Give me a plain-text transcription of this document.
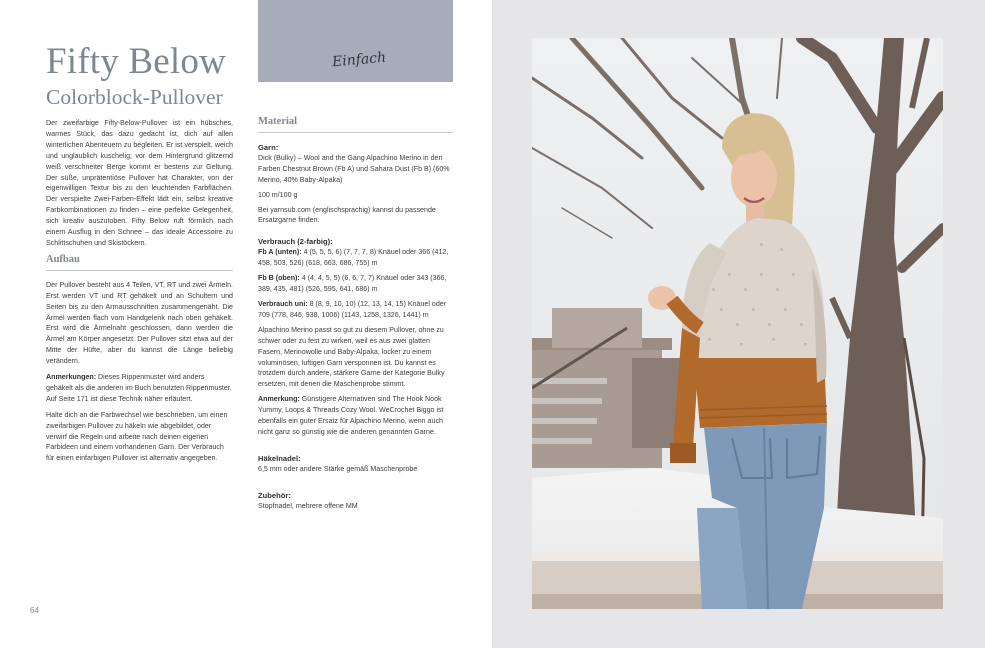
Fifty Below
Colorblock-Pullover
Einfach

Der zweifarbige Fifty-Below-Pullover ist ein hübsches, warmes Stück, das dazu gedacht ist, dich auf allen winterlichen Abenteuern zu begleiten. Er ist verspielt, weich und unglaublich kuschelig; vor dem Hintergrund glitzernd weiß verschneiter Berge kommt er bestens zur Geltung. Der süße, unprätentiöse Pullover hat Charakter, von der eigenwilligen Textur bis zu den leuchtenden Farbflächen. Der verspielte Zwei-Farben-Effekt lädt ein, selbst kreative Farbkombinationen zu finden – eine perfekte Gelegenheit, sich kreativ auszutoben. Fifty Below ruft förmlich nach einem Ausflug in den Schnee – das ideale Accessoire zu Schlittschuhen und Skistöckern.

Aufbau

Der Pullover besteht aus 4 Teilen, VT, RT und zwei Ärmeln. Erst werden VT und RT gehäkelt und an Schultern und Seiten bis zu den Armausschnitten zusammengenäht. Die Ärmel werden flach vom Handgelenk nach oben gehäkelt. Erst wird die Ärmelnaht geschlossen, dann werden die Ärmel am Körper angesetzt. Der Pullover sitzt etwa auf der Mitte der Hüfte, aber du kannst die Länge beliebig verändern.

Anmerkungen: Dieses Rippenmuster wird anders gehäkelt als die anderen im Buch benutzten Rippenmuster. Auf Seite 171 ist diese Technik näher erläutert.

Halte dich an die Farbwechsel wie beschrieben, um einen zweifarbigen Pullover zu häkeln wie abgebildet, oder verwirf die Regeln und arbeite nach deinen eigenen Farbideen und einem vorhandenen Garn. Der Verbrauch für einen einfarbigen Pullover ist alternativ angegeben.

Material
Garn:

Dick (Bulky) – Wool and the Gang Alpachino Merino in den Farben Chestnut Brown (Fb A) und Sahara Dust (Fb B) (60% Merino, 40% Baby-Alpaka)

100 m/100 g

Bei yarnsub.com (englischsprachig) kannst du passende Ersatzgarne finden.

Verbrauch (2-farbig):

Fb A (unten): 4 (5, 5, 5, 6) (7, 7, 7, 8) Knäuel oder 366 (412, 458, 503, 526) (618, 663, 686, 755) m

Fb B (oben): 4 (4, 4, 5, 5) (6, 6, 7, 7) Knäuel oder 343 (366, 389, 435, 481) (526, 595, 641, 686) m

Verbrauch uni: 8 (8, 9, 10, 10) (12, 13, 14, 15) Knäuel oder 709 (778, 846, 938, 1006) (1143, 1258, 1326, 1441) m

Alpachino Merino passt so gut zu diesem Pullover, ohne zu schwer oder zu fest zu wirken, weil es aus zwei glatten Fasern, Merinowolle und Baby-Alpaka, locker zu einem voluminösen, luftigen Garn versponnen ist. Du kannst es trotzdem durch andere, stärkere Garne der Kategorie Bulky ersetzen, mit denen die Maschenprobe stimmt.

Anmerkung: Günstigere Alternativen sind The Hook Nook Yummy, Loops & Threads Cozy Wool. WeCrochet Biggo ist ebenfalls ein guter Ersatz für Alpachino Merino, wenn auch nicht ganz so günstig wie die anderen genannten Garne.

Häkelnadel:

6,5 mm oder andere Stärke gemäß Maschenprobe

Zubehör:

Stopfnadel, mehrere offene MM

64
